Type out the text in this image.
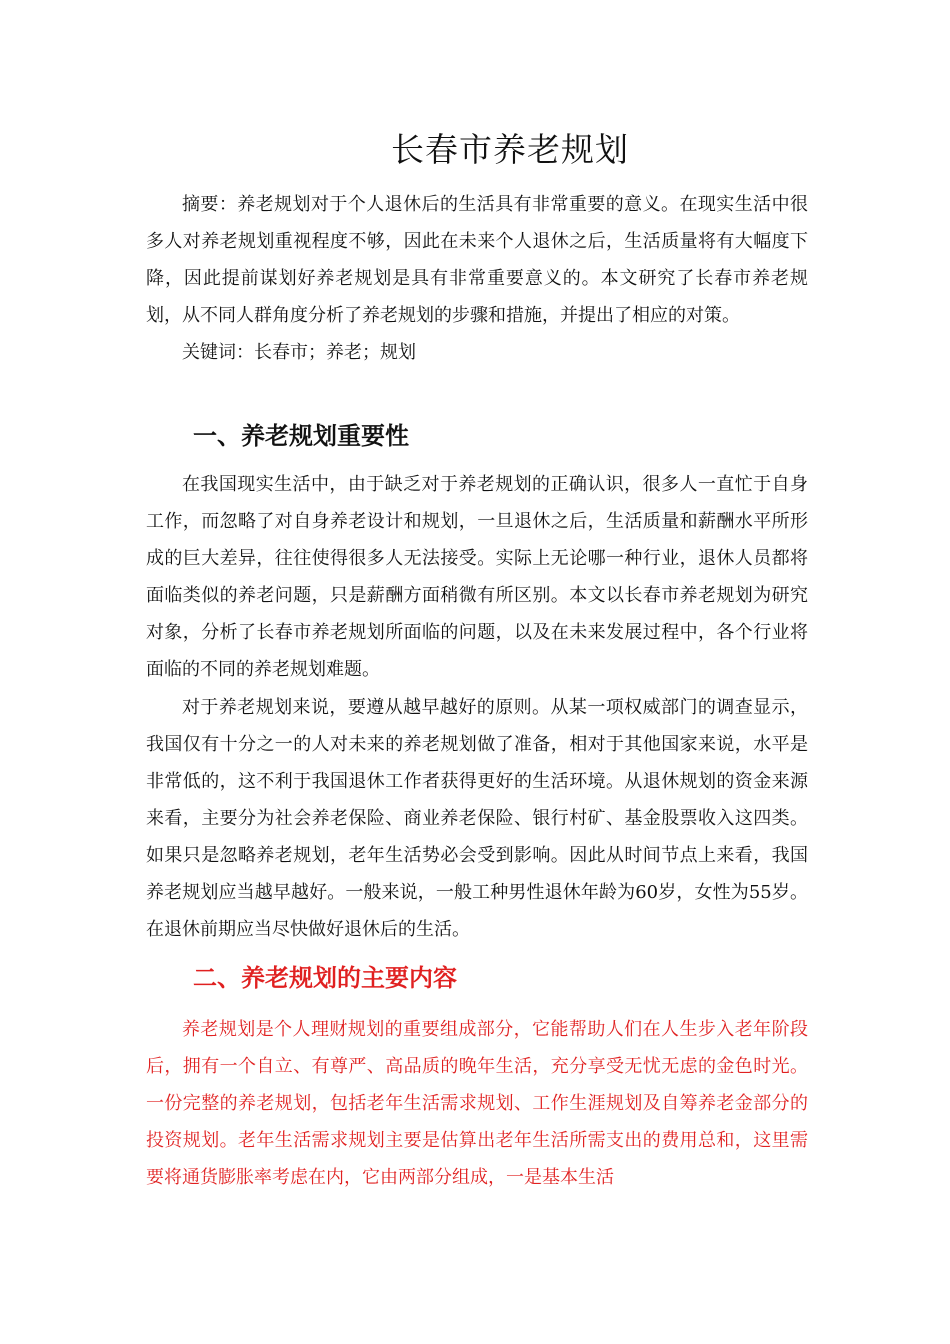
长春市养老规划

摘要：养老规划对于个人退休后的生活具有非常重要的意义。在现实生活中很多人对养老规划重视程度不够，因此在未来个人退休之后，生活质量将有大幅度下降，因此提前谋划好养老规划是具有非常重要意义的。本文研究了长春市养老规划，从不同人群角度分析了养老规划的步骤和措施，并提出了相应的对策。

关键词：长春市；养老；规划

一、养老规划重要性

在我国现实生活中，由于缺乏对于养老规划的正确认识，很多人一直忙于自身工作，而忽略了对自身养老设计和规划，一旦退休之后，生活质量和薪酬水平所形成的巨大差异，往往使得很多人无法接受。实际上无论哪一种行业，退休人员都将面临类似的养老问题，只是薪酬方面稍微有所区别。本文以长春市养老规划为研究对象，分析了长春市养老规划所面临的问题，以及在未来发展过程中，各个行业将面临的不同的养老规划难题。

对于养老规划来说，要遵从越早越好的原则。从某一项权威部门的调查显示，我国仅有十分之一的人对未来的养老规划做了准备，相对于其他国家来说，水平是非常低的，这不利于我国退休工作者获得更好的生活环境。从退休规划的资金来源来看，主要分为社会养老保险、商业养老保险、银行村矿、基金股票收入这四类。如果只是忽略养老规划，老年生活势必会受到影响。因此从时间节点上来看，我国养老规划应当越早越好。一般来说，一般工种男性退休年龄为60岁，女性为55岁。在退休前期应当尽快做好退休后的生活。

二、养老规划的主要内容

养老规划是个人理财规划的重要组成部分，它能帮助人们在人生步入老年阶段后，拥有一个自立、有尊严、高品质的晚年生活，充分享受无忧无虑的金色时光。一份完整的养老规划，包括老年生活需求规划、工作生涯规划及自筹养老金部分的投资规划。老年生活需求规划主要是估算出老年生活所需支出的费用总和，这里需要将通货膨胀率考虑在内，它由两部分组成，一是基本生活
